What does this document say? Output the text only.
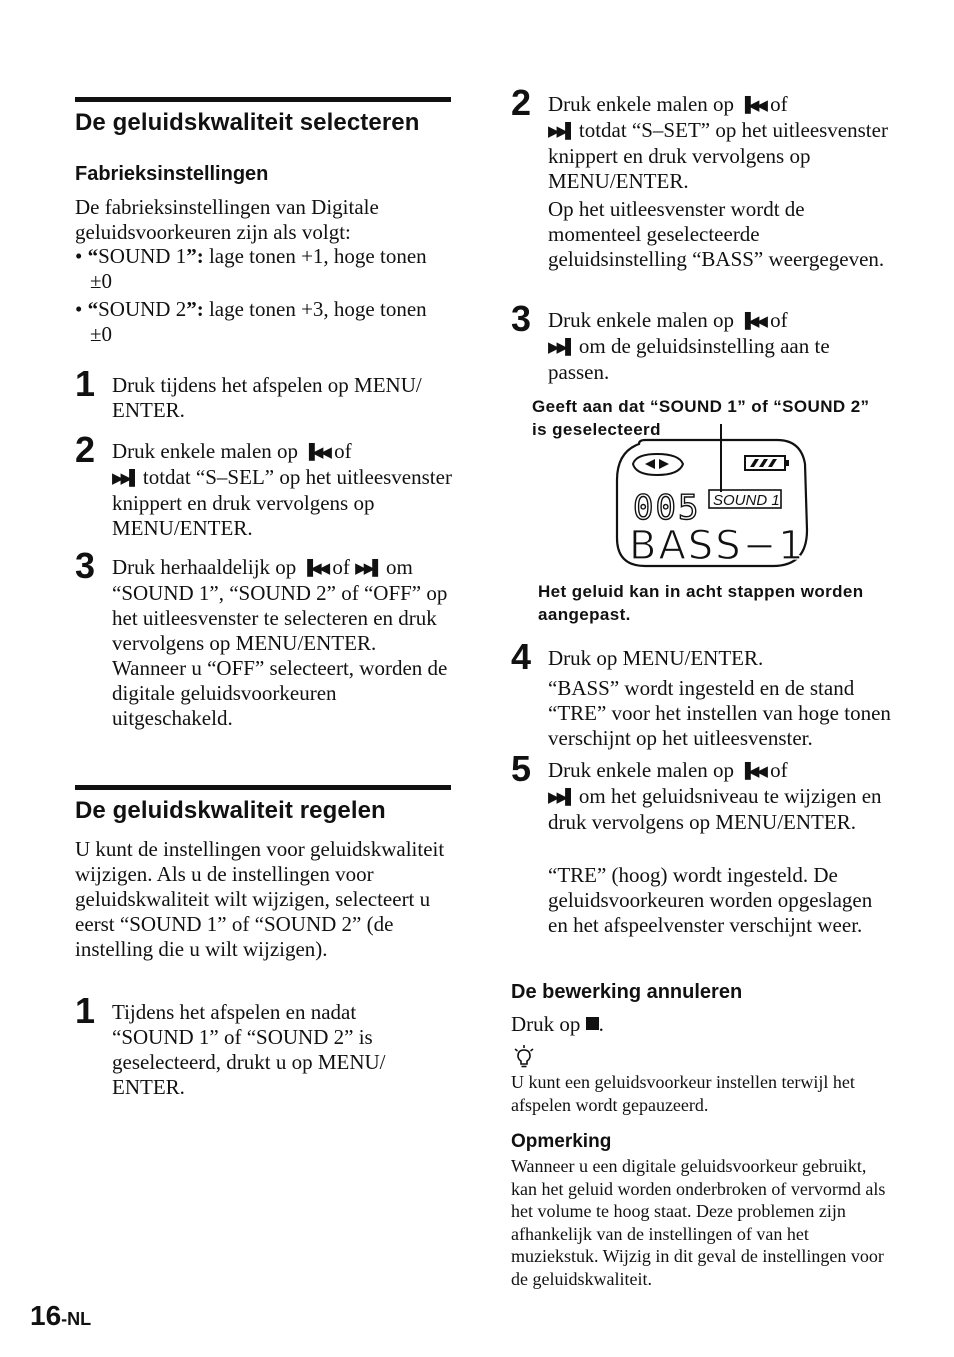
De geluidskwaliteit selecteren
Fabrieksinstellingen
De fabrieksinstellingen van Digitale geluidsvoorkeuren zijn als volgt:
• “SOUND 1”: lage tonen +1, hoge tonen ±0
• “SOUND 2”: lage tonen +3, hoge tonen ±0
1 Druk tijdens het afspelen op MENU/ ENTER.
2 Druk enkele malen op ▐◀◀ of
▶▶▌ totdat “S–SEL” op het uitleesvenster knippert en druk vervolgens op MENU/ENTER.
3 Druk herhaaldelijk op ▐◀◀ of ▶▶▌ om “SOUND 1”, “SOUND 2” of “OFF” op het uitleesvenster te selecteren en druk vervolgens op MENU/ENTER.
Wanneer u “OFF” selecteert, worden de digitale geluidsvoorkeuren uitgeschakeld.
De geluidskwaliteit regelen
U kunt de instellingen voor geluidskwaliteit wijzigen. Als u de instellingen voor geluidskwaliteit wilt wijzigen, selecteert u eerst “SOUND 1” of “SOUND 2” (de instelling die u wilt wijzigen).
1 Tijdens het afspelen en nadat “SOUND 1” of “SOUND 2” is geselecteerd, drukt u op MENU/ ENTER.
2 Druk enkele malen op ▐◀◀ of
▶▶▌ totdat “S–SET” op het uitleesvenster knippert en druk vervolgens op MENU/ENTER.
Op het uitleesvenster wordt de momenteel geselecteerde geluidsinstelling “BASS” weergegeven.
3 Druk enkele malen op ▐◀◀ of
▶▶▌ om de geluidsinstelling aan te passen.
Geeft aan dat “SOUND 1” of “SOUND 2” is geselecteerd
005 SOUND 1
BASS−1
Het geluid kan in acht stappen worden aangepast.
4 Druk op MENU/ENTER.
“BASS” wordt ingesteld en de stand “TRE” voor het instellen van hoge tonen verschijnt op het uitleesvenster.
5 Druk enkele malen op ▐◀◀ of
▶▶▌ om het geluidsniveau te wijzigen en druk vervolgens op MENU/ENTER.
“TRE” (hoog) wordt ingesteld. De geluidsvoorkeuren worden opgeslagen en het afspeelvenster verschijnt weer.
De bewerking annuleren
Druk op .
U kunt een geluidsvoorkeur instellen terwijl het afspelen wordt gepauzeerd.
Opmerking
Wanneer u een digitale geluidsvoorkeur gebruikt, kan het geluid worden onderbroken of vervormd als het volume te hoog staat. Deze problemen zijn afhankelijk van de instellingen of van het muziekstuk. Wijzig in dit geval de instellingen voor de geluidskwaliteit.
16-NL
